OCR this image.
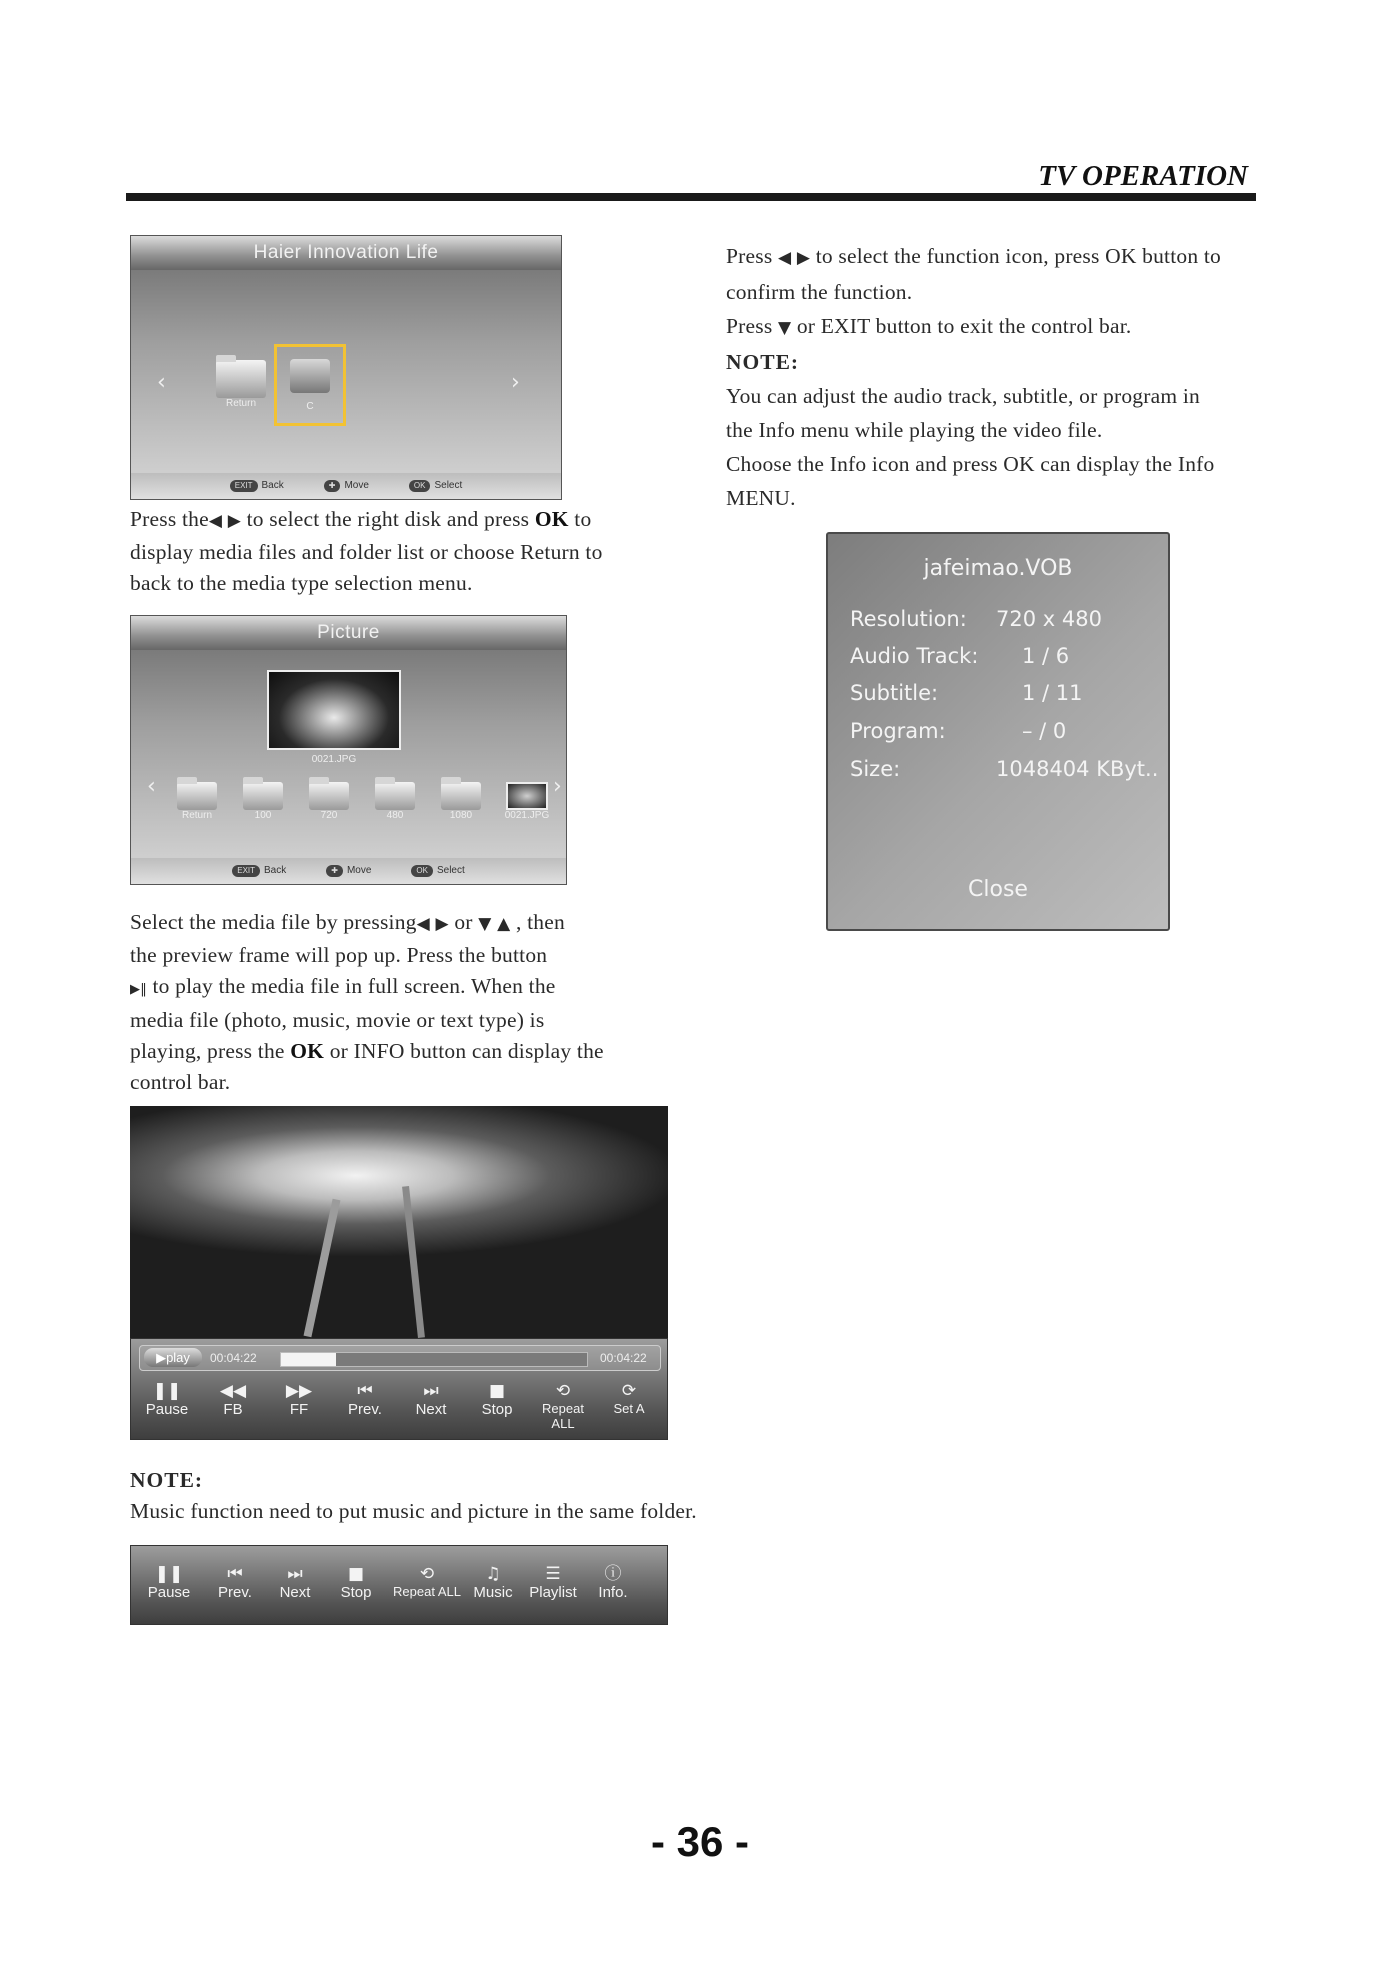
TV OPERATION
Haier Innovation Life
‹	›
Return	C
EXIT Back	✚ Move	OK Select
Press the◀ ▶ to select the right disk and press OK to
display media files and folder list or choose Return to
back to the media type selection menu.
Picture
0021.JPG
‹	›
Return	100	720	480	1080	0021.JPG
EXIT Back	✚ Move	OK Select
Select the media file by pressing◀ ▶ or ▼ ▲ , then
the preview frame will pop up. Press the button
▶‖ to play the media file in full screen. When the
media file (photo, music, movie or text type) is
playing, press the OK or INFO button can display the
control bar.
▶play	00:04:22	00:04:22
❚❚
Pause
◀◀
FB
▶▶
FF
⏮
Prev.
⏭
Next
■
Stop
⟲
Repeat ALL
⟳
Set A
NOTE:
Music function need to put music and picture in the same folder.
❚❚
Pause
⏮
Prev.
⏭
Next
■
Stop
⟲
Repeat ALL
♫
Music
☰
Playlist
ⓘ
Info.
Press ◀ ▶ to select the function icon, press OK button to
confirm the function.
Press ▼ or EXIT button to exit the control bar.
NOTE:
You can adjust the audio track, subtitle, or program in
the Info menu while playing the video file.
Choose the Info icon and press OK can display the Info
MENU.
jafeimao.VOB
Resolution: 720 x 480
Audio Track: 1 / 6
Subtitle:	1 / 11
Program:	– / 0
Size:	1048404 KByt..
Close
- 36 -
